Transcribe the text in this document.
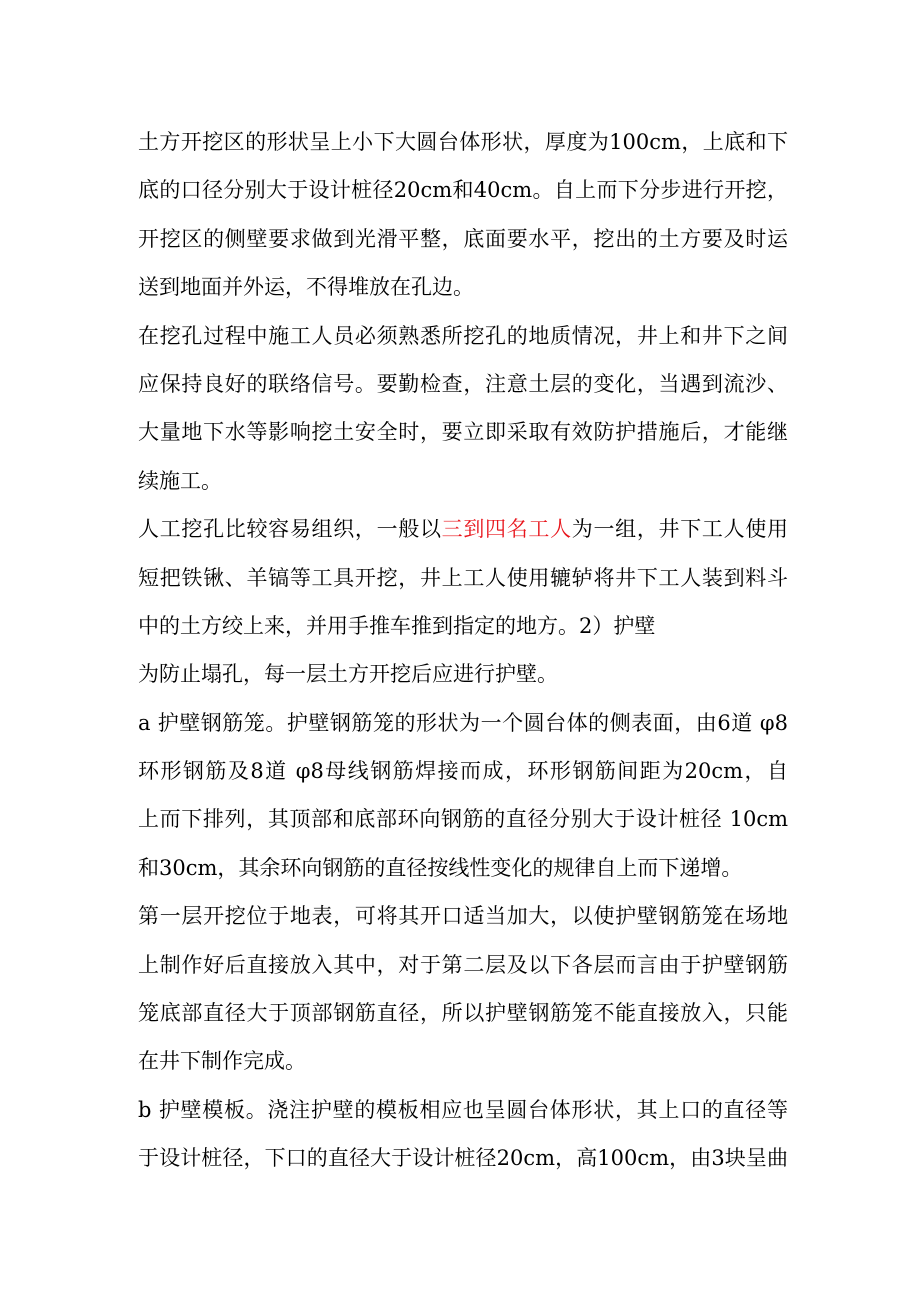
土方开挖区的形状呈上小下大圆台体形状，厚度为100cm，上底和下
底的口径分别大于设计桩径20cm和40cm。自上而下分步进行开挖，
开挖区的侧壁要求做到光滑平整，底面要水平，挖出的土方要及时运
送到地面并外运，不得堆放在孔边。
在挖孔过程中施工人员必须熟悉所挖孔的地质情况，井上和井下之间
应保持良好的联络信号。要勤检查，注意土层的变化，当遇到流沙、
大量地下水等影响挖土安全时，要立即采取有效防护措施后，才能继
续施工。
人工挖孔比较容易组织，一般以三到四名工人为一组，井下工人使用
短把铁锹、羊镐等工具开挖，井上工人使用辘轳将井下工人装到料斗
中的土方绞上来，并用手推车推到指定的地方。2）护壁
为防止塌孔，每一层土方开挖后应进行护壁。
a 护壁钢筋笼。护壁钢筋笼的形状为一个圆台体的侧表面，由6道 φ8
环形钢筋及8道 φ8母线钢筋焊接而成，环形钢筋间距为20cm，自
上而下排列，其顶部和底部环向钢筋的直径分别大于设计桩径 10cm
和30cm，其余环向钢筋的直径按线性变化的规律自上而下递增。
第一层开挖位于地表，可将其开口适当加大，以使护壁钢筋笼在场地
上制作好后直接放入其中，对于第二层及以下各层而言由于护壁钢筋
笼底部直径大于顶部钢筋直径，所以护壁钢筋笼不能直接放入，只能
在井下制作完成。
b 护壁模板。浇注护壁的模板相应也呈圆台体形状，其上口的直径等
于设计桩径，下口的直径大于设计桩径20cm，高100cm，由3块呈曲
